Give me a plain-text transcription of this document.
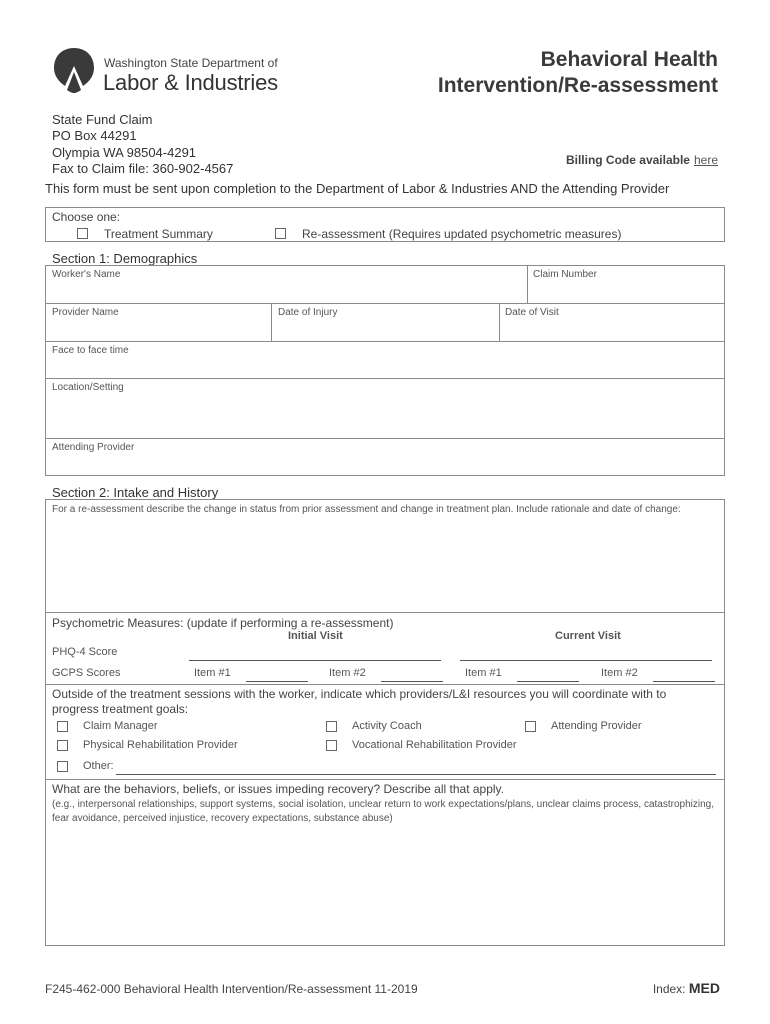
Washington State Department of
Labor & Industries
Behavioral Health
Intervention/Re-assessment
State Fund Claim
PO Box 44291
Olympia WA 98504-4291
Fax to Claim file: 360-902-4567
Billing Code available here
This form must be sent upon completion to the Department of Labor & Industries AND the Attending Provider
Choose one:
Treatment Summary	Re-assessment (Requires updated psychometric measures)
Section 1: Demographics
Worker's Name	Claim Number
Provider Name	Date of Injury	Date of Visit
Face to face time
Location/Setting
Attending Provider
Section 2: Intake and History
For a re-assessment describe the change in status from prior assessment and change in treatment plan. Include rationale and date of change:
Psychometric Measures: (update if performing a re-assessment)
Initial Visit	Current Visit
PHQ-4 Score
GCPS Scores	Item #1	Item #2	Item #1	Item #2
Outside of the treatment sessions with the worker, indicate which providers/L&I resources you will coordinate with to progress treatment goals:
Claim Manager	Activity Coach	Attending Provider
Physical Rehabilitation Provider	Vocational Rehabilitation Provider
Other:
What are the behaviors, beliefs, or issues impeding recovery? Describe all that apply.
(e.g., interpersonal relationships, support systems, social isolation, unclear return to work expectations/plans, unclear claims process, catastrophizing, fear avoidance, perceived injustice, recovery expectations, substance abuse)
F245-462-000 Behavioral Health Intervention/Re-assessment 11-2019	Index: MED
